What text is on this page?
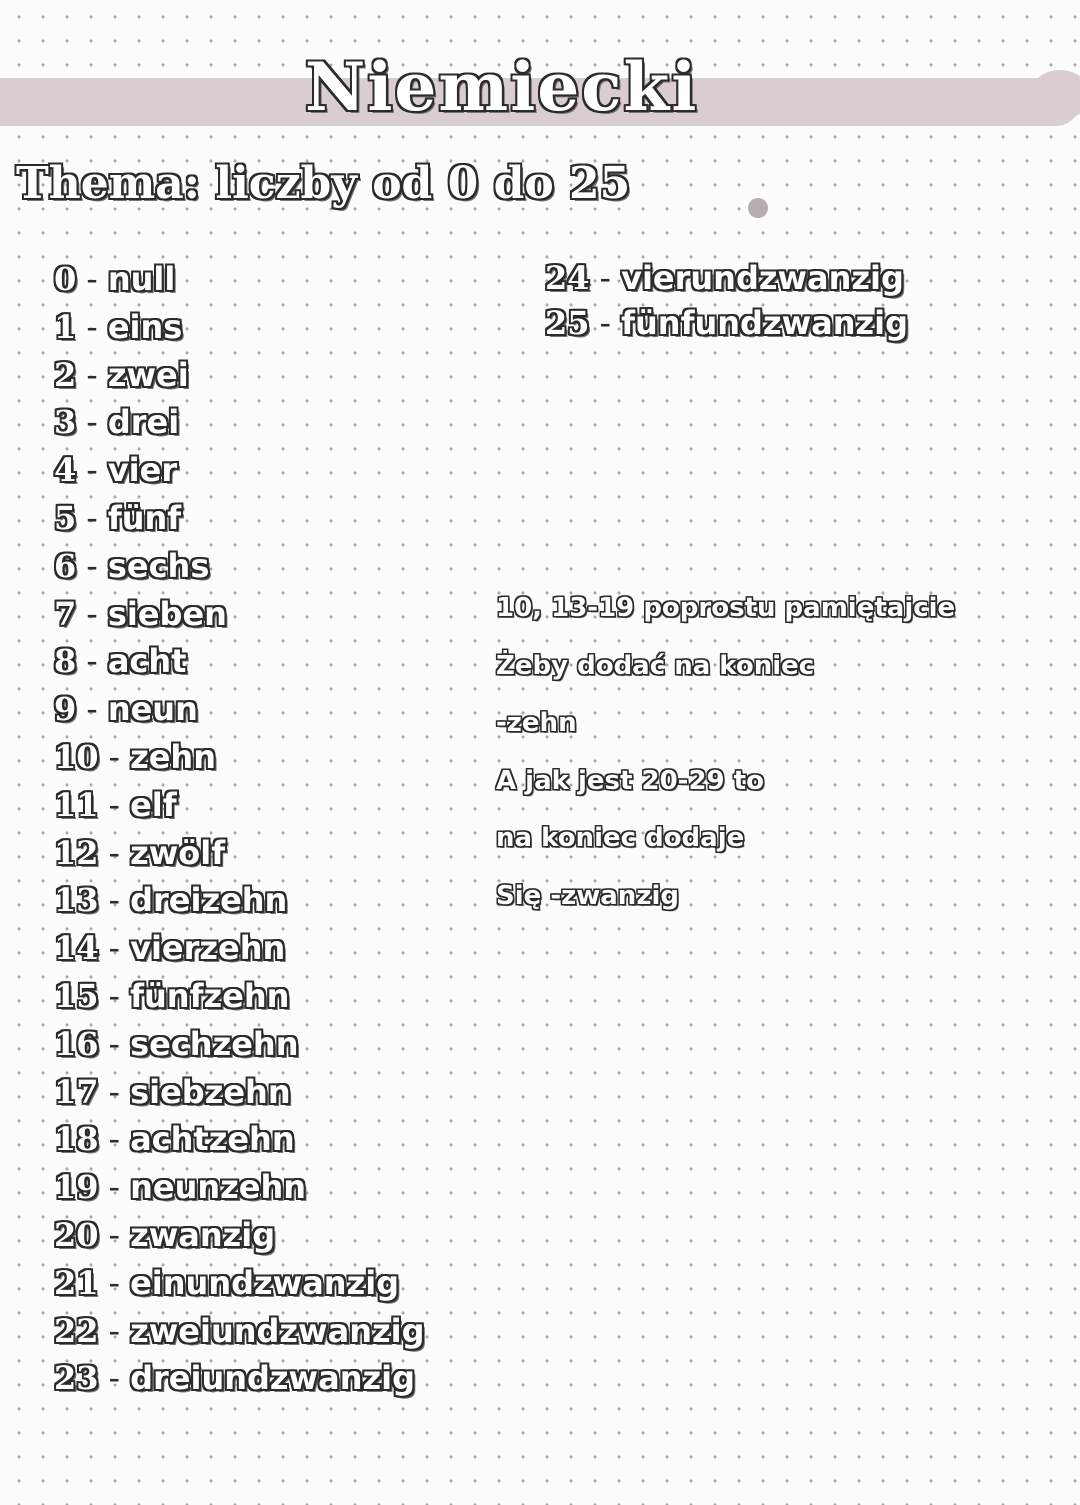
Niemiecki
Thema: liczby od 0 do 25
0 - null
1 - eins
2 - zwei
3 - drei
4 - vier
5 - fünf
6 - sechs
7 - sieben
8 - acht
9 - neun
10 - zehn
11 - elf
12 - zwölf
13 - dreizehn
14 - vierzehn
15 - fünfzehn
16 - sechzehn
17 - siebzehn
18 - achtzehn
19 - neunzehn
20 - zwanzig
21 - einundzwanzig
22 - zweiundzwanzig
23 - dreiundzwanzig
24 - vierundzwanzig
25 - fünfundzwanzig
10, 13-19 poprostu pamiętajcie
Żeby dodać na koniec
-zehn
A jak jest 20-29 to
na koniec dodaje
Się -zwanzig
